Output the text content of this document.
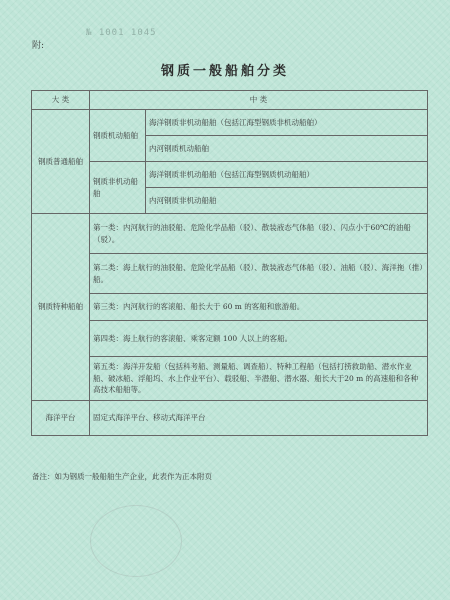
№ 1001 1045
附:
钢质一般船舶分类
大 类	中 类	
钢质普通船舶	钢质机动船舶	海洋钢质非机动船舶（包括江海型钢质非机动船舶）
		内河钢质机动船舶
	钢质非机动船舶	海洋钢质非机动船舶（包括江海型钢质机动船舶）
		内河钢质非机动船舶
钢质特种船舶	第一类：内河航行的油驳船、危险化学品船（驳）、散装液态气体船（驳）、闪点小于60℃的油船（驳）。	
	第二类：海上航行的油驳船、危险化学品船（驳）、散装液态气体船（驳）、油船（驳）、海洋拖（推）船。	
	第三类：内河航行的客滚船、船长大于 60 m 的客船和旅游船。	
	第四类：海上航行的客滚船、乘客定额 100 人以上的客船。	
	第五类：海洋开发船（包括科考船、测量船、调查船）、特种工程船（包括打捞救助船、潜水作业船、破冰船、浮船坞、水上作业平台）、载驳船、半潜船、潜水器、船长大于20 m 的高速船和各种高技术船舶等。	
海洋平台	固定式海洋平台、移动式海洋平台	
备注：如为钢质一般船舶生产企业，此表作为正本附页
